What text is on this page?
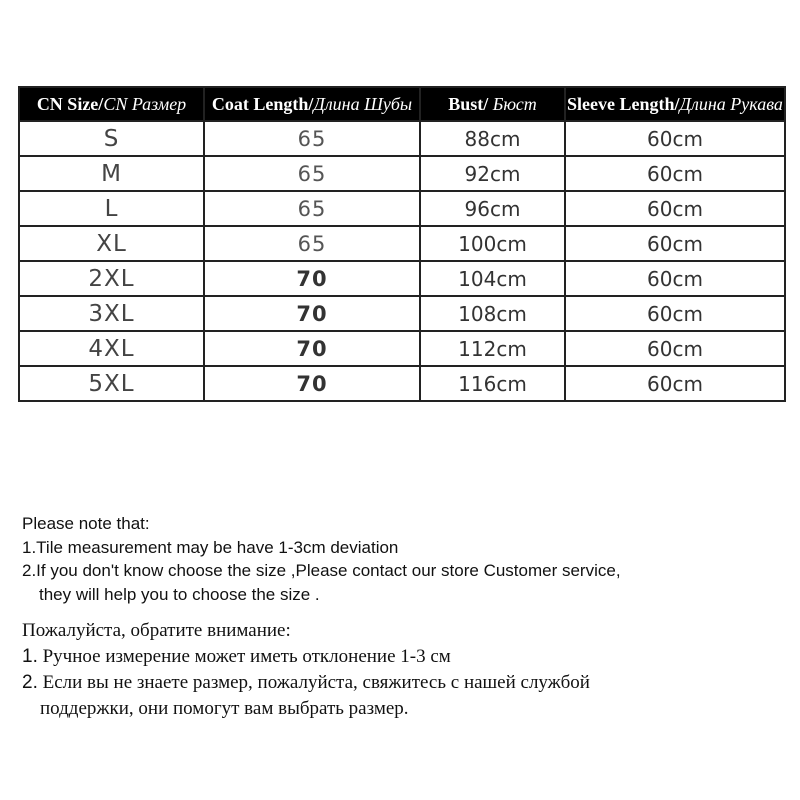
CN Size/CN Размер	Coat Length/Длина Шубы	Bust/ Бюст	Sleeve Length/Длина Рукава
S	65	88cm	60cm
M	65	92cm	60cm
L	65	96cm	60cm
XL	65	100cm	60cm
2XL	70	104cm	60cm
3XL	70	108cm	60cm
4XL	70	112cm	60cm
5XL	70	116cm	60cm

Please note that:

1.Tile measurement may be have 1-3cm deviation

2.If you don't know choose the size ,Please contact our store Customer service,

they will help you to choose the size .

Пожалуйста, обратите внимание:

1. Ручное измерение может иметь отклонение 1-3 см

2. Если вы не знаете размер, пожалуйста, свяжитесь с нашей службой

поддержки, они помогут вам выбрать размер.
